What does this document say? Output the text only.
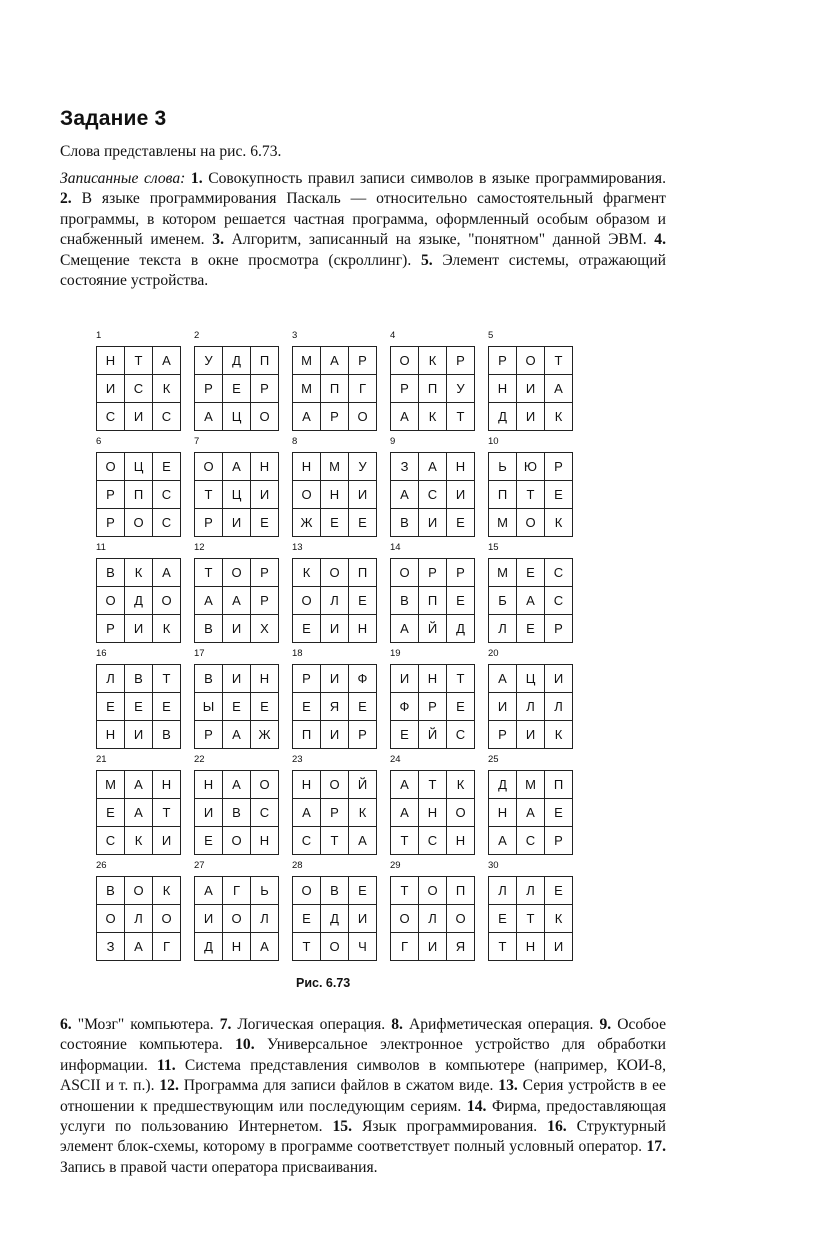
Задание 3
Слова представлены на рис. 6.73.
Записанные слова: 1. Совокупность правил записи символов в языке программирования. 2. В языке программирования Паскаль — относительно самостоятельный фрагмент программы, в котором решается частная программа, оформленный особым образом и снабженный именем. 3. Алгоритм, записанный на языке, "понятном" данной ЭВМ. 4. Смещение текста в окне просмотра (скроллинг). 5. Элемент системы, отражающий состояние устройства.
1
Н	Т	А
И	С	К
С	И	С
2
У	Д	П
Р	Е	Р
А	Ц	О
3
М	А	Р
М	П	Г
А	Р	О
4
О	К	Р
Р	П	У
А	К	Т
5
Р	О	Т
Н	И	А
Д	И	К
6
О	Ц	Е
Р	П	С
Р	О	С
7
О	А	Н
Т	Ц	И
Р	И	Е
8
Н	М	У
О	Н	И
Ж	Е	Е
9
З	А	Н
А	С	И
В	И	Е
10
Ь	Ю	Р
П	Т	Е
М	О	К
11
В	К	А
О	Д	О
Р	И	К
12
Т	О	Р
А	А	Р
В	И	Х
13
К	О	П
О	Л	Е
Е	И	Н
14
О	Р	Р
В	П	Е
А	Й	Д
15
М	Е	С
Б	А	С
Л	Е	Р
16
Л	В	Т
Е	Е	Е
Н	И	В
17
В	И	Н
Ы	Е	Е
Р	А	Ж
18
Р	И	Ф
Е	Я	Е
П	И	Р
19
И	Н	Т
Ф	Р	Е
Е	Й	С
20
А	Ц	И
И	Л	Л
Р	И	К
21
М	А	Н
Е	А	Т
С	К	И
22
Н	А	О
И	В	С
Е	О	Н
23
Н	О	Й
А	Р	К
С	Т	А
24
А	Т	К
А	Н	О
Т	С	Н
25
Д	М	П
Н	А	Е
А	С	Р
26
В	О	К
О	Л	О
З	А	Г
27
А	Г	Ь
И	О	Л
Д	Н	А
28
О	В	Е
Е	Д	И
Т	О	Ч
29
Т	О	П
О	Л	О
Г	И	Я
30
Л	Л	Е
Е	Т	К
Т	Н	И
Рис. 6.73
6. "Мозг" компьютера. 7. Логическая операция. 8. Арифметическая операция. 9. Особое состояние компьютера. 10. Универсальное электронное устройство для обработки информации. 11. Система представления символов в компьютере (например, КОИ-8, ASCII и т. п.). 12. Программа для записи файлов в сжатом виде. 13. Серия устройств в ее отношении к предшествующим или последующим сериям. 14. Фирма, предоставляющая услуги по пользованию Интернетом. 15. Язык программирования. 16. Структурный элемент блок-схемы, которому в программе соответствует полный условный оператор. 17. Запись в правой части оператора присваивания.
